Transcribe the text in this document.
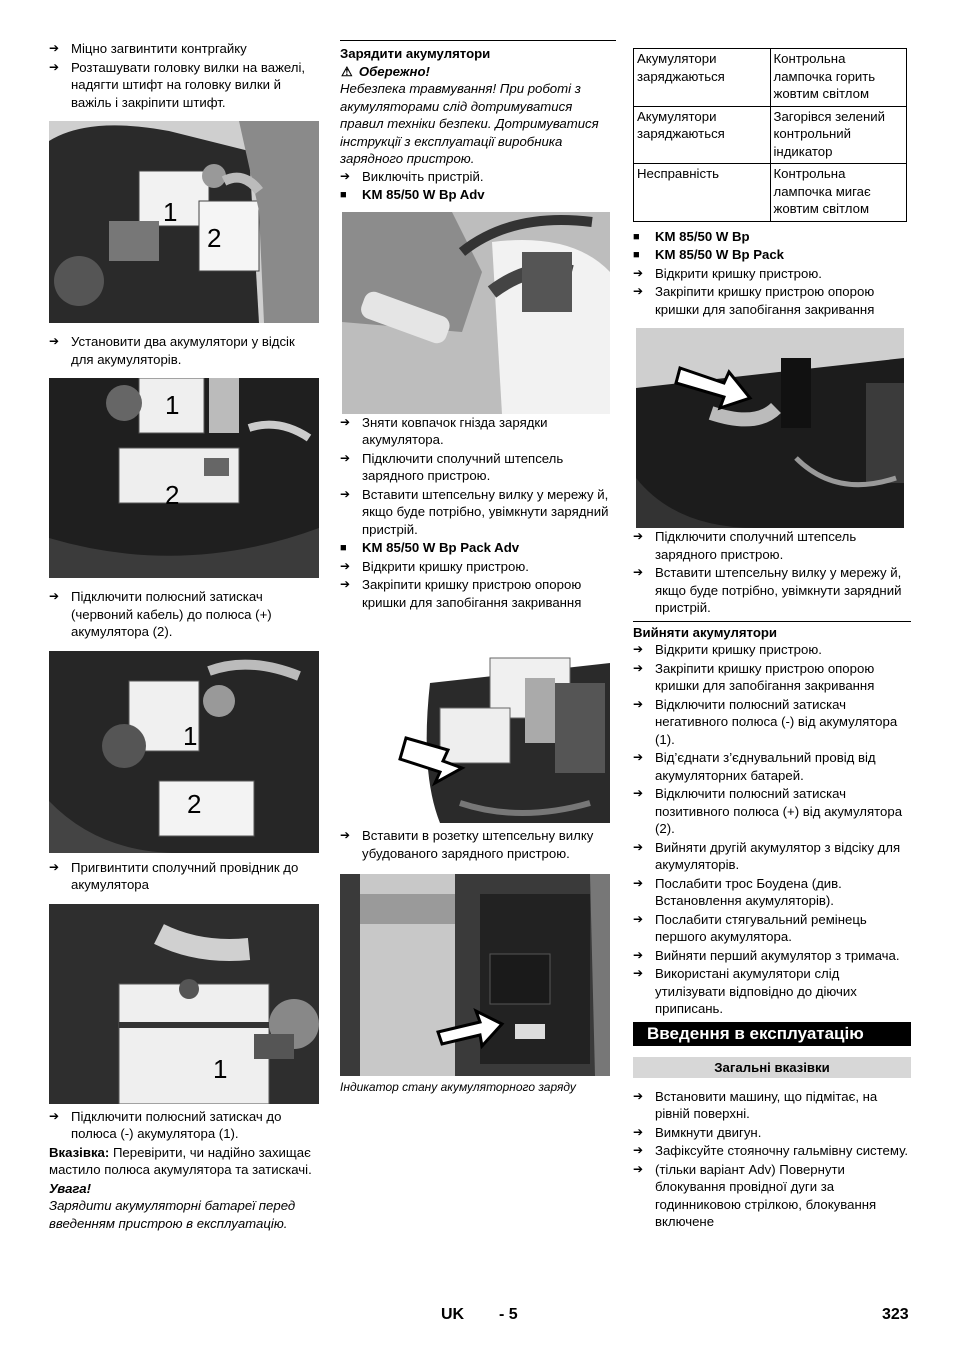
➔ Міцно загвинтити контргайку
➔ Розташувати головку вилки на важелі, надягти штифт на головку вилки й важіль і закріпити штифт.
1
2
➔ Установити два акумулятори у відсік для акумуляторів.
1
2
➔ Підключити полюсний затискач (червоний кабель) до полюса (+) акумулятора (2).
1
2
➔ Пригвинтити сполучний провідник до акумулятора
1
➔ Підключити полюсний затискач до полюса (-) акумулятора (1).

Вказівка: Перевірити, чи надійно захищає мастило полюса акумулятора та затискачі.

Увага!

Зарядити акумуляторні батареї перед введенням пристрою в експлуатацію.

Зарядити акумулятори

⚠ Обережно!

Небезпека травмування! При роботі з акумуляторами слід дотримуватися правил техніки безпеки. Дотримуватися інструкції з експлуатації виробника зарядного пристрою.

➔ Виключіть пристрій.
■ KM 85/50 W Bp Adv
➔ Зняти ковпачок гнізда зарядки акумулятора.
➔ Підключити сполучний штепсель зарядного пристрою.
➔ Вставити штепсельну вилку у мережу й, якщо буде потрібно, увімкнути зарядний пристрій.
■ KM 85/50 W Bp Pack Adv
➔ Відкрити кришку пристрою.
➔ Закріпити кришку пристрою опорою кришки для запобігання закривання
➔ Вставити в розетку штепсельну вилку убудованого зарядного пристрою.
Індикатор стану акумуляторного заряду
Акумулятори заряджаються	Контрольна лампочка горить жовтим світлом
Акумулятори заряджаються	Загорівся зелений контрольний індикатор
Несправність	Контрольна лампочка мигає жовтим світлом
■ KM 85/50 W Bp
■ KM 85/50 W Bp Pack
➔ Відкрити кришку пристрою.
➔ Закріпити кришку пристрою опорою кришки для запобігання закривання
➔ Підключити сполучний штепсель зарядного пристрою.
➔ Вставити штепсельну вилку у мережу й, якщо буде потрібно, увімкнути зарядний пристрій.

Вийняти акумулятори

➔ Відкрити кришку пристрою.
➔ Закріпити кришку пристрою опорою кришки для запобігання закривання
➔ Відключити полюсний затискач негативного полюса (-) від акумулятора (1).
➔ Від’єднати з’єднувальний провід від акумуляторних батарей.
➔ Відключити полюсний затискач позитивного полюса (+) від акумулятора (2).
➔ Вийняти другій акумулятор з відсіку для акумуляторів.
➔ Послабити трос Боудена (див. Встановлення акумуляторів).
➔ Послабити стягувальний ремінець першого акумулятора.
➔ Вийняти перший акумулятор з тримача.
➔ Використані акумулятори слід утилізувати відповідно до діючих приписань.
Введення в експлуатацію
Загальні вказівки
➔ Встановити машину, що підмітає, на рівній поверхні.
➔ Вимкнути двигун.
➔ Зафіксуйте стояночну гальмівну систему.
➔ (тільки варіант Adv) Повернути блокування провідної дуги за годинниковою стрілкою, блокування включене
UK - 5	323
